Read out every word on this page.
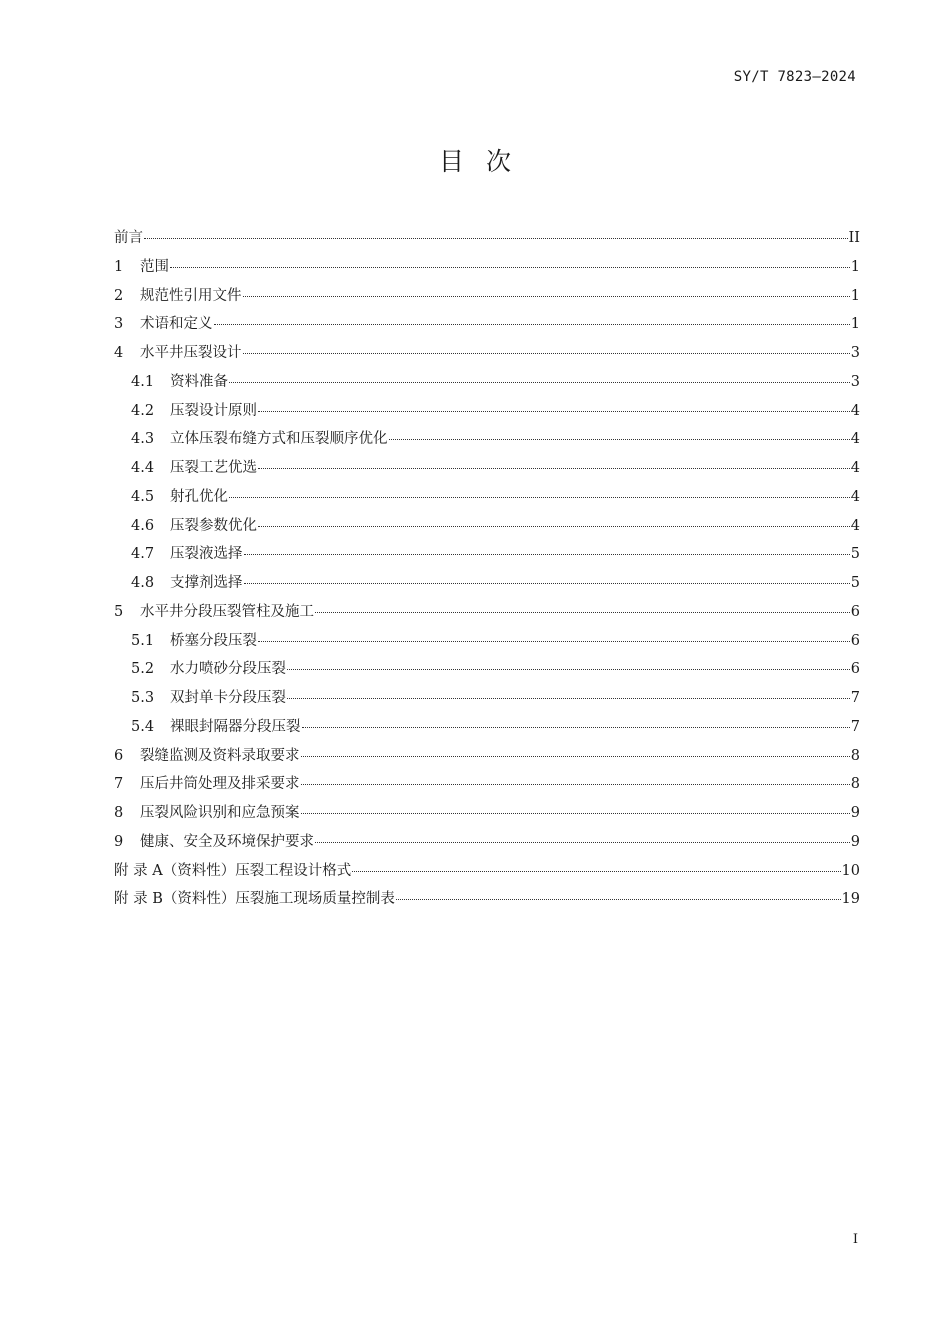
SY/T 7823—2024
目次
前言	II
1 范围	1
2 规范性引用文件	1
3 术语和定义	1
4 水平井压裂设计	3
4.1 资料准备	3
4.2 压裂设计原则	4
4.3 立体压裂布缝方式和压裂顺序优化	4
4.4 压裂工艺优选	4
4.5 射孔优化	4
4.6 压裂参数优化	4
4.7 压裂液选择	5
4.8 支撑剂选择	5
5 水平井分段压裂管柱及施工	6
5.1 桥塞分段压裂	6
5.2 水力喷砂分段压裂	6
5.3 双封单卡分段压裂	7
5.4 裸眼封隔器分段压裂	7
6 裂缝监测及资料录取要求	8
7 压后井筒处理及排采要求	8
8 压裂风险识别和应急预案	9
9 健康、安全及环境保护要求	9
附 录 A（资料性）压裂工程设计格式	10
附 录 B（资料性）压裂施工现场质量控制表	19
I
